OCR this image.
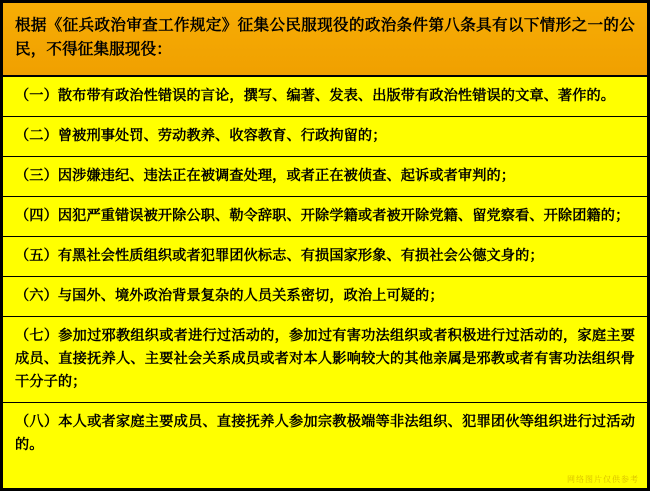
根据《征兵政治审查工作规定》征集公民服现役的政治条件第八条具有以下情形之一的公民，不得征集服现役：
（一）散布带有政治性错误的言论，撰写、编著、发表、出版带有政治性错误的文章、著作的。
（二）曾被刑事处罚、劳动教养、收容教育、行政拘留的；
（三）因涉嫌违纪、违法正在被调查处理，或者正在被侦查、起诉或者审判的；
（四）因犯严重错误被开除公职、勒令辞职、开除学籍或者被开除党籍、留党察看、开除团籍的；
（五）有黑社会性质组织或者犯罪团伙标志、有损国家形象、有损社会公德文身的；
（六）与国外、境外政治背景复杂的人员关系密切，政治上可疑的；
（七）参加过邪教组织或者进行过活动的，参加过有害功法组织或者积极进行过活动的，家庭主要成员、直接抚养人、主要社会关系成员或者对本人影响较大的其他亲属是邪教或者有害功法组织骨干分子的；
（八）本人或者家庭主要成员、直接抚养人参加宗教极端等非法组织、犯罪团伙等组织进行过活动的。
网络图片仅供参考
